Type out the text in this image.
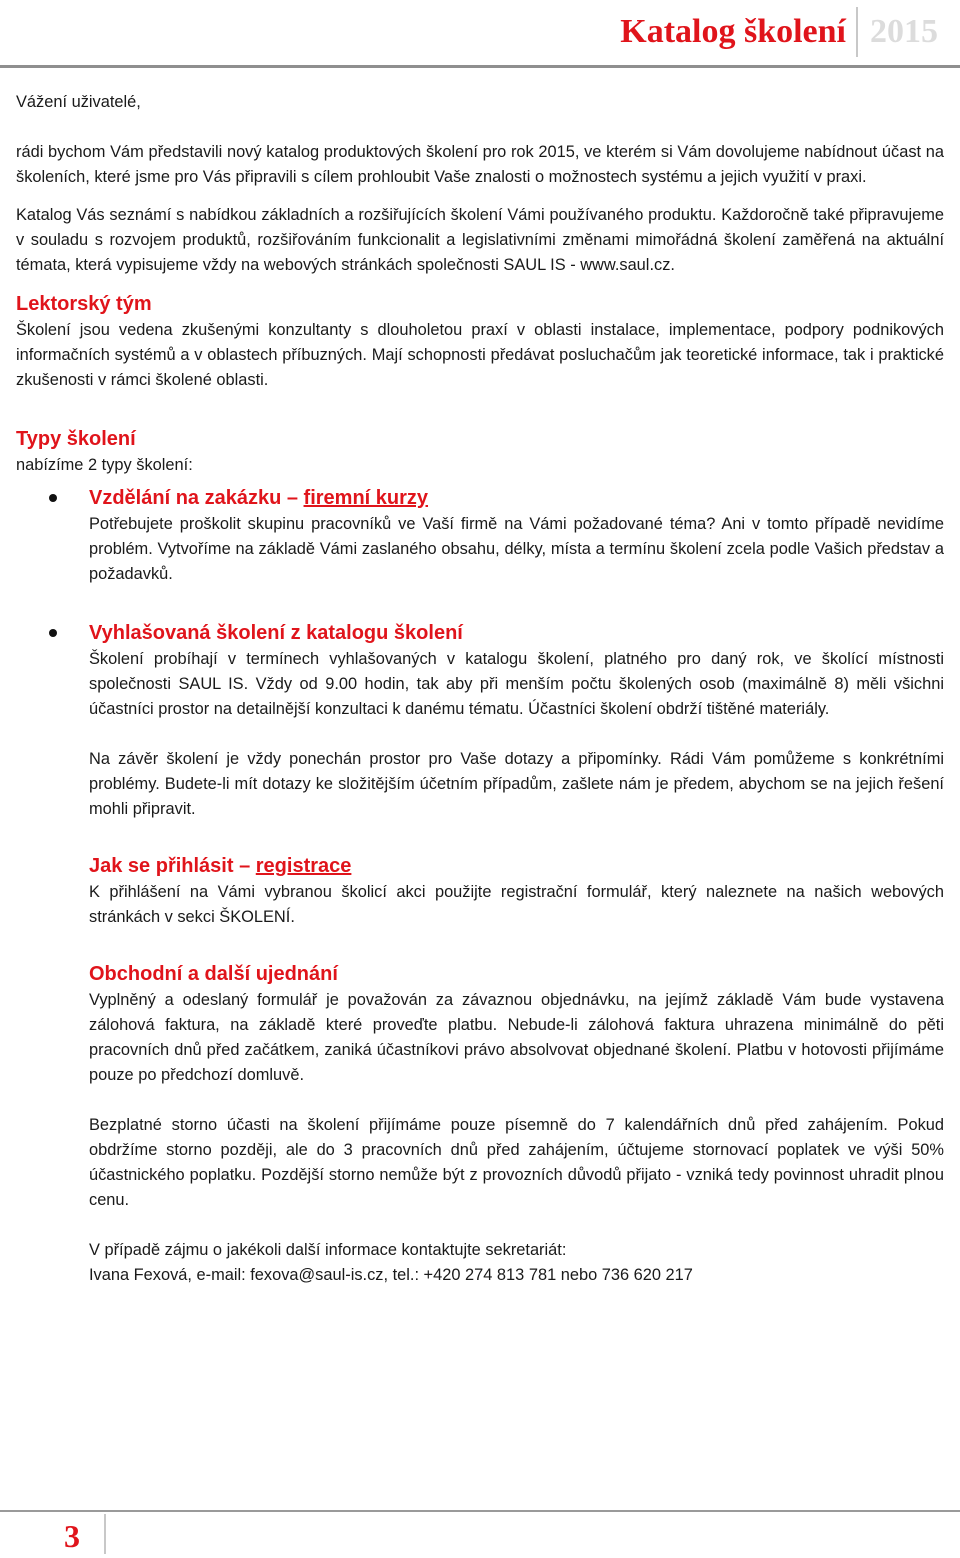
Katalog školení 2015

Vážení uživatelé,

rádi bychom Vám představili nový katalog produktových školení pro rok 2015, ve kterém si Vám dovolujeme nabídnout účast na školeních, které jsme pro Vás připravili s cílem prohloubit Vaše znalosti o možnostech systému a jejich využití v praxi.

Katalog Vás seznámí s nabídkou základních a rozšiřujících školení Vámi používaného produktu. Každoročně také připravujeme v souladu s rozvojem produktů, rozšiřováním funkcionalit a legislativními změnami mimořádná školení zaměřená na aktuální témata, která vypisujeme vždy na webových stránkách společnosti SAUL IS - www.saul.cz.

Lektorský tým

Školení jsou vedena zkušenými konzultanty s dlouholetou praxí v oblasti instalace, implementace, podpory podnikových informačních systémů a v oblastech příbuzných. Mají schopnosti předávat posluchačům jak teoretické informace, tak i praktické zkušenosti v rámci školené oblasti.

Typy školení

nabízíme 2 typy školení:

Vzdělání na zakázku – firemní kurzy

Potřebujete proškolit skupinu pracovníků ve Vaší firmě na Vámi požadované téma? Ani v tomto případě nevidíme problém. Vytvoříme na základě Vámi zaslaného obsahu, délky, místa a termínu školení zcela podle Vašich představ a požadavků.

Vyhlašovaná školení z katalogu školení

Školení probíhají v termínech vyhlašovaných v katalogu školení, platného pro daný rok, ve školící místnosti společnosti SAUL IS. Vždy od 9.00 hodin, tak aby při menším počtu školených osob (maximálně 8) měli všichni účastníci prostor na detailnější konzultaci k danému tématu. Účastníci školení obdrží tištěné materiály.

Na závěr školení je vždy ponechán prostor pro Vaše dotazy a připomínky. Rádi Vám pomůžeme s konkrétními problémy. Budete-li mít dotazy ke složitějším účetním případům, zašlete nám je předem, abychom se na jejich řešení mohli připravit.

Jak se přihlásit – registrace

K přihlášení na Vámi vybranou školicí akci použijte registrační formulář, který naleznete na našich webových stránkách v sekci ŠKOLENÍ.

Obchodní a další ujednání

Vyplněný a odeslaný formulář je považován za závaznou objednávku, na jejímž základě Vám bude vystavena zálohová faktura, na základě které proveďte platbu. Nebude-li zálohová faktura uhrazena minimálně do pěti pracovních dnů před začátkem, zaniká účastníkovi právo absolvovat objednané školení. Platbu v hotovosti přijímáme pouze po předchozí domluvě.

Bezplatné storno účasti na školení přijímáme pouze písemně do 7 kalendářních dnů před zahájením. Pokud obdržíme storno později, ale do 3 pracovních dnů před zahájením, účtujeme stornovací poplatek ve výši 50% účastnického poplatku. Pozdější storno nemůže být z provozních důvodů přijato - vzniká tedy povinnost uhradit plnou cenu.

V případě zájmu o jakékoli další informace kontaktujte sekretariát:

Ivana Fexová, e-mail: fexova@saul-is.cz, tel.: +420 274 813 781 nebo 736 620 217

3
